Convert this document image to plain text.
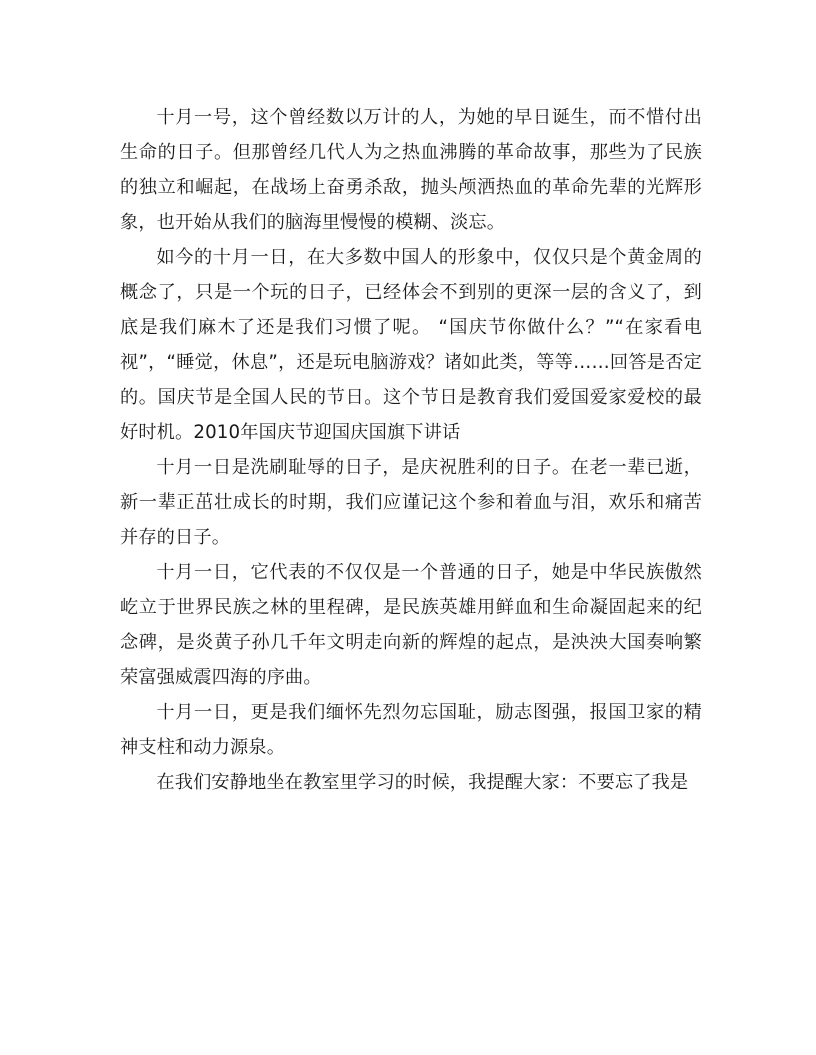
十月一号，这个曾经数以万计的人，为她的早日诞生，而不惜付出生命的日子。但那曾经几代人为之热血沸腾的革命故事，那些为了民族的独立和崛起，在战场上奋勇杀敌，抛头颅洒热血的革命先辈的光辉形象，也开始从我们的脑海里慢慢的模糊、淡忘。

如今的十月一日，在大多数中国人的形象中，仅仅只是个黄金周的概念了，只是一个玩的日子，已经体会不到别的更深一层的含义了，到底是我们麻木了还是我们习惯了呢。 “国庆节你做什么？”“在家看电视”，“睡觉，休息”，还是玩电脑游戏？诸如此类，等等……回答是否定的。国庆节是全国人民的节日。这个节日是教育我们爱国爱家爱校的最好时机。2010年国庆节迎国庆国旗下讲话

十月一日是洗刷耻辱的日子，是庆祝胜利的日子。在老一辈已逝，新一辈正茁壮成长的时期，我们应谨记这个参和着血与泪，欢乐和痛苦并存的日子。

十月一日，它代表的不仅仅是一个普通的日子，她是中华民族傲然屹立于世界民族之林的里程碑，是民族英雄用鲜血和生命凝固起来的纪念碑，是炎黄子孙几千年文明走向新的辉煌的起点，是泱泱大国奏响繁荣富强威震四海的序曲。

十月一日，更是我们缅怀先烈勿忘国耻，励志图强，报国卫家的精神支柱和动力源泉。

在我们安静地坐在教室里学习的时候，我提醒大家：不要忘了我是
